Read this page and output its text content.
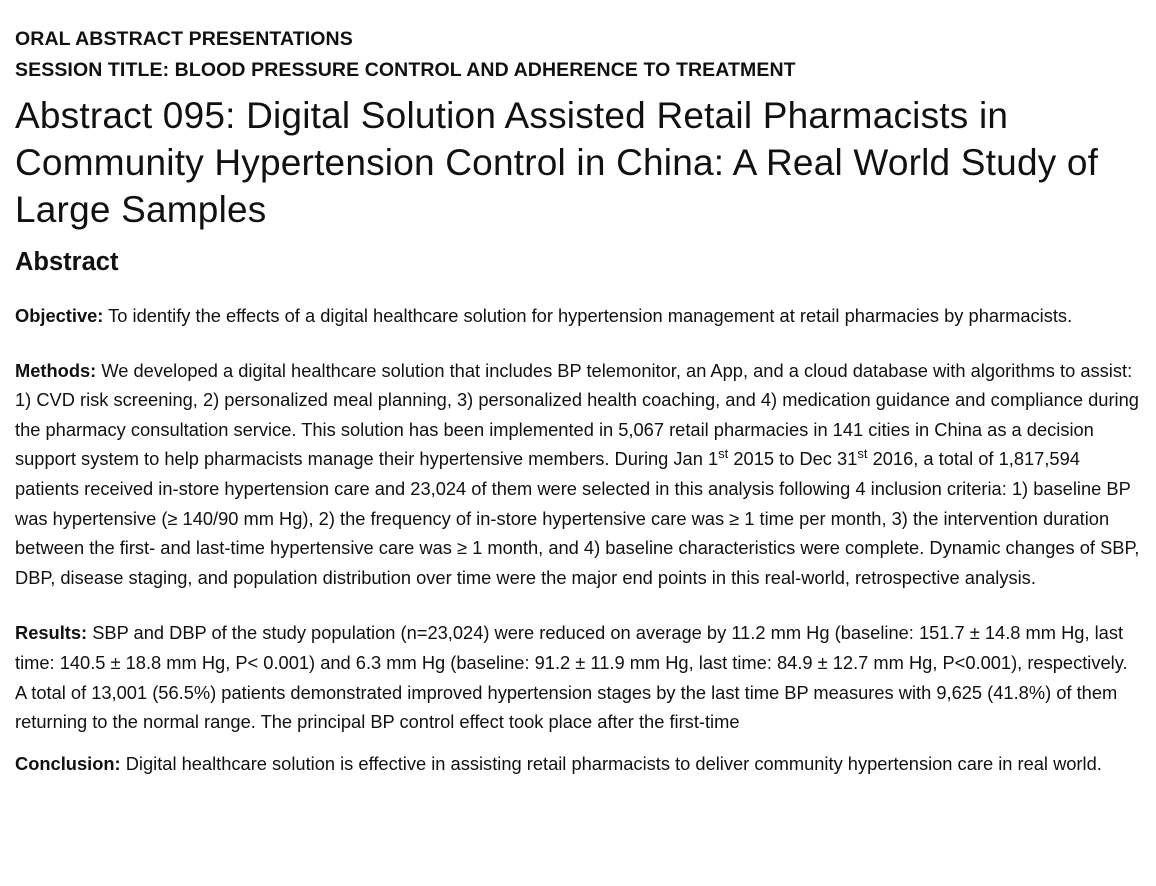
ORAL ABSTRACT PRESENTATIONS
SESSION TITLE: BLOOD PRESSURE CONTROL AND ADHERENCE TO TREATMENT
Abstract 095: Digital Solution Assisted Retail Pharmacists in Community Hypertension Control in China: A Real World Study of Large Samples
Abstract

Objective: To identify the effects of a digital healthcare solution for hypertension management at retail pharmacies by pharmacists.

Methods: We developed a digital healthcare solution that includes BP telemonitor, an App, and a cloud database with algorithms to assist: 1) CVD risk screening, 2) personalized meal planning, 3) personalized health coaching, and 4) medication guidance and compliance during the pharmacy consultation service. This solution has been implemented in 5,067 retail pharmacies in 141 cities in China as a decision support system to help pharmacists manage their hypertensive members. During Jan 1st 2015 to Dec 31st 2016, a total of 1,817,594 patients received in-store hypertension care and 23,024 of them were selected in this analysis following 4 inclusion criteria: 1) baseline BP was hypertensive (≥ 140/90 mm Hg), 2) the frequency of in-store hypertensive care was ≥ 1 time per month, 3) the intervention duration between the first- and last-time hypertensive care was ≥ 1 month, and 4) baseline characteristics were complete. Dynamic changes of SBP, DBP, disease staging, and population distribution over time were the major end points in this real-world, retrospective analysis.

Results: SBP and DBP of the study population (n=23,024) were reduced on average by 11.2 mm Hg (baseline: 151.7 ± 14.8 mm Hg, last time: 140.5 ± 18.8 mm Hg, P< 0.001) and 6.3 mm Hg (baseline: 91.2 ± 11.9 mm Hg, last time: 84.9 ± 12.7 mm Hg, P<0.001), respectively. A total of 13,001 (56.5%) patients demonstrated improved hypertension stages by the last time BP measures with 9,625 (41.8%) of them returning to the normal range. The principal BP control effect took place after the first-time

Conclusion: Digital healthcare solution is effective in assisting retail pharmacists to deliver community hypertension care in real world.
